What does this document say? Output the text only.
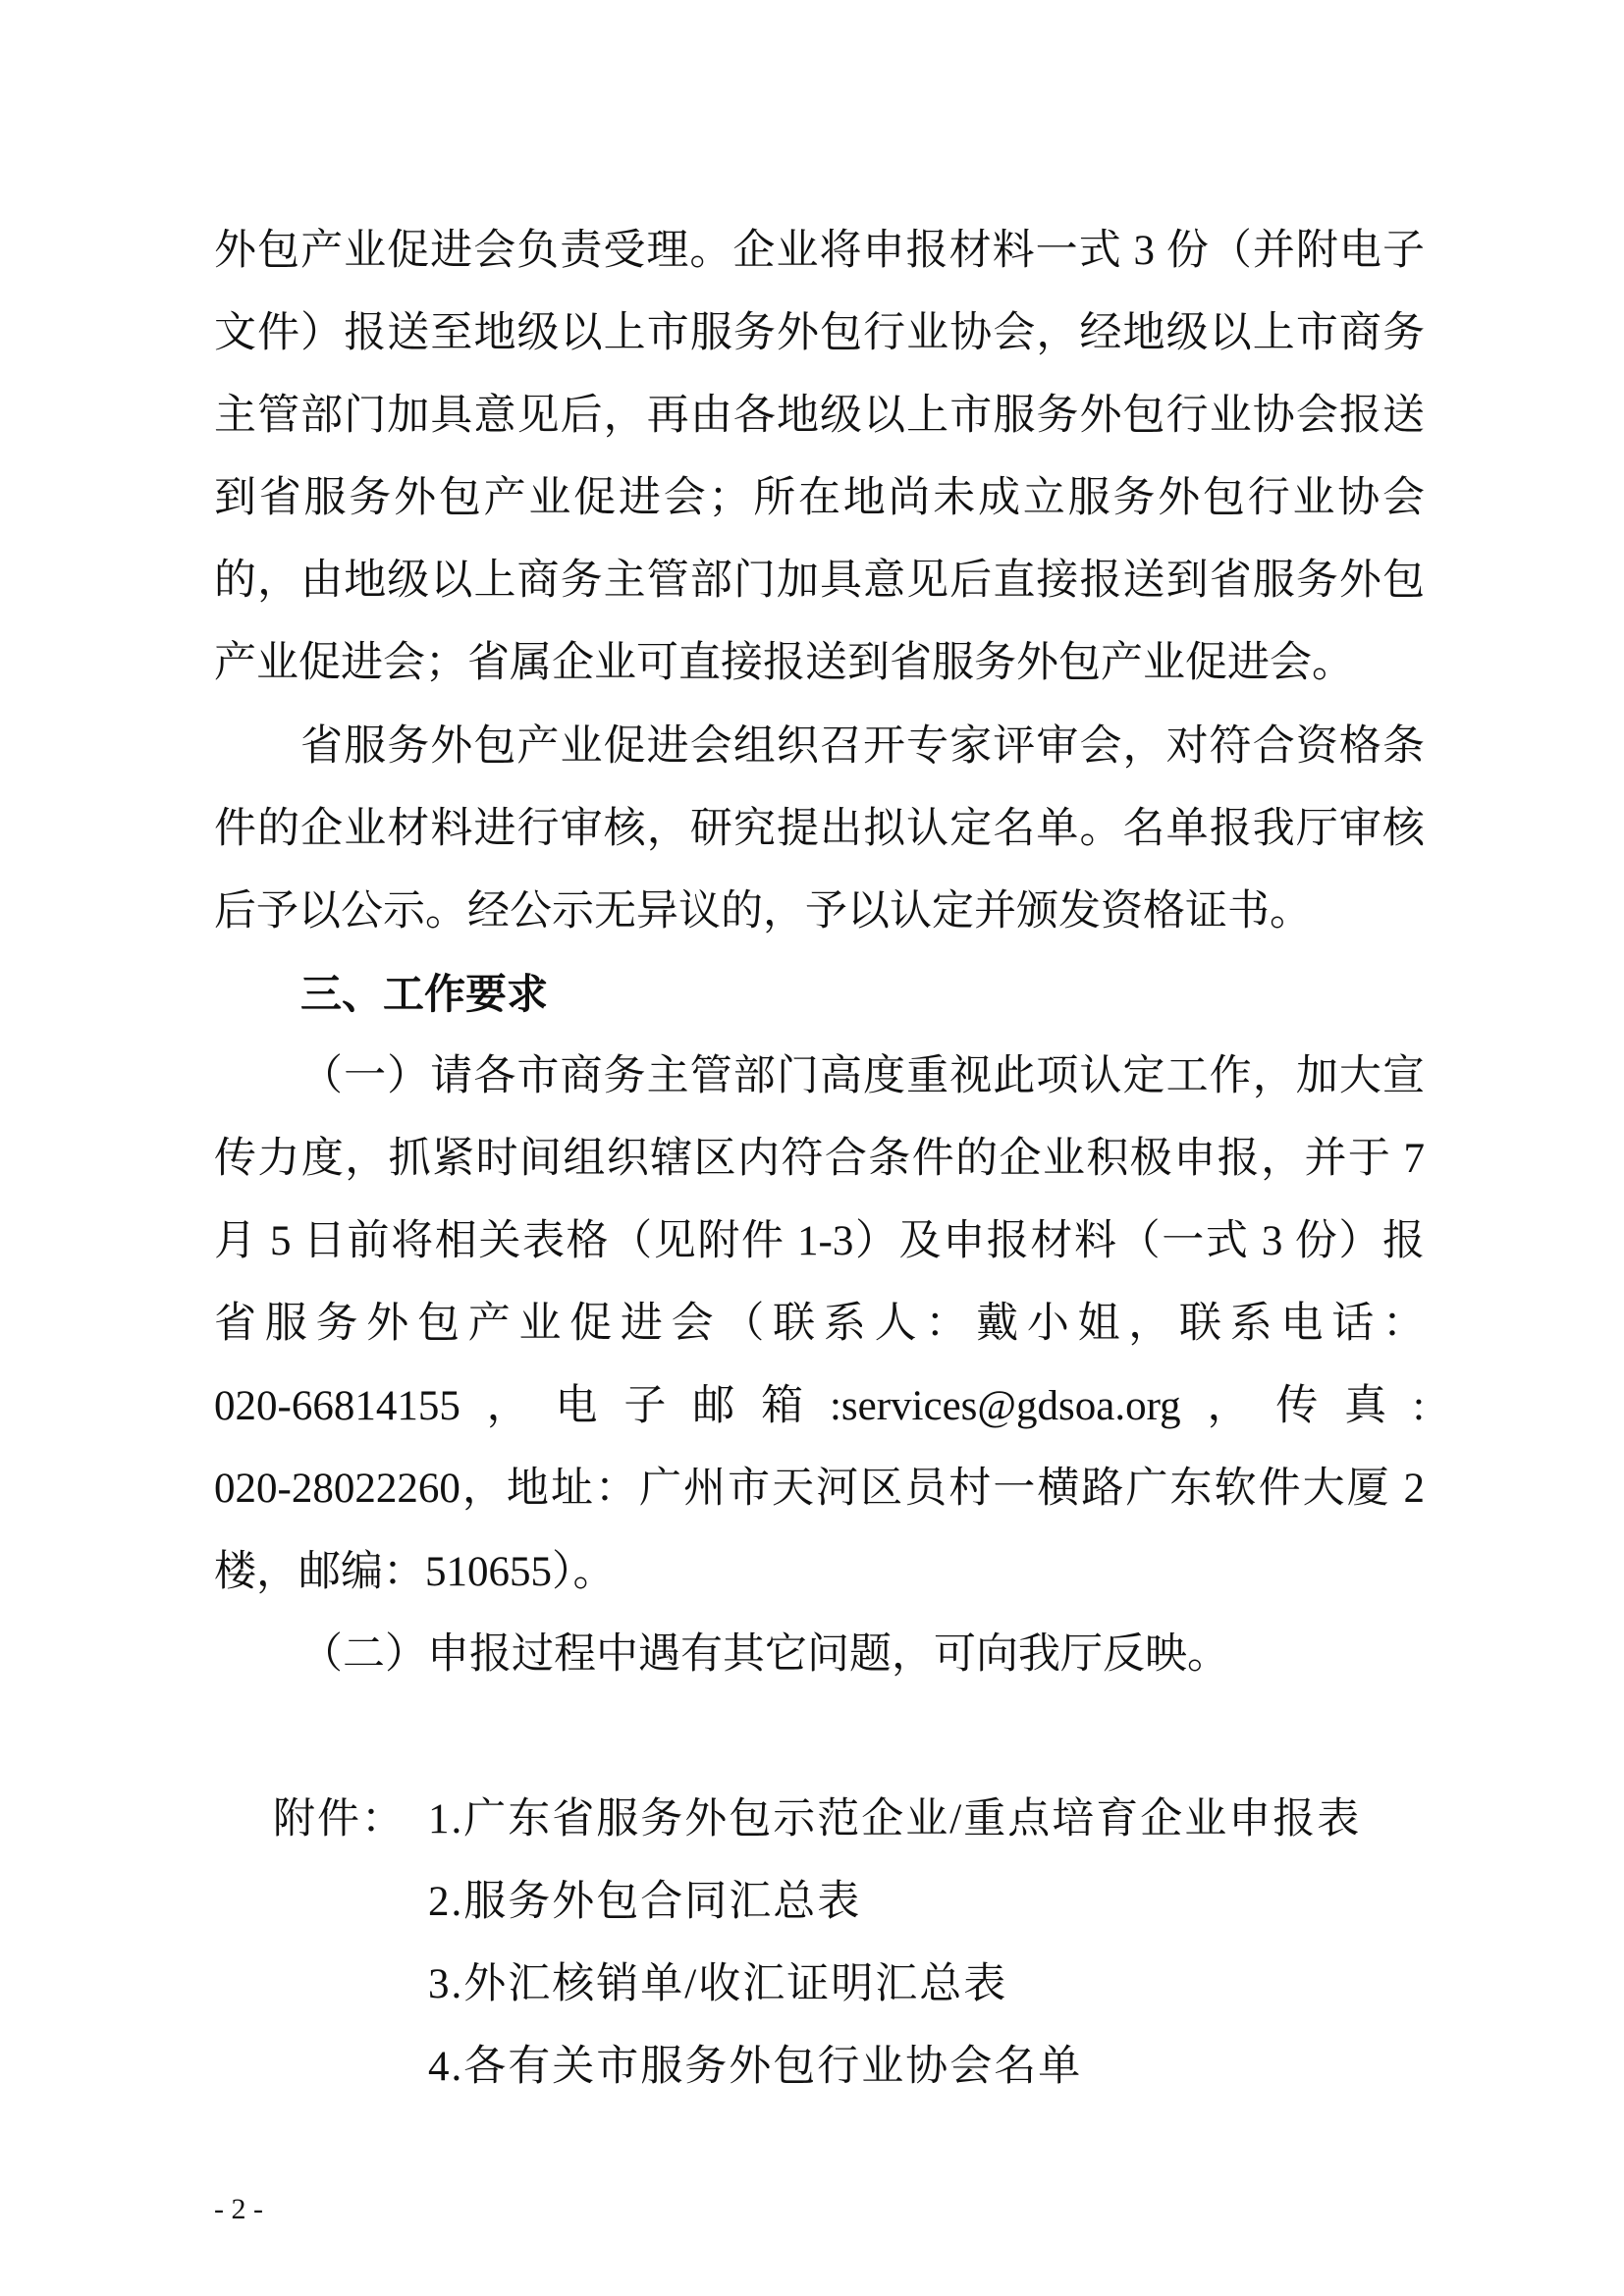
外包产业促进会负责受理。企业将申报材料一式 3 份（并附电子
文件）报送至地级以上市服务外包行业协会，经地级以上市商务
主管部门加具意见后，再由各地级以上市服务外包行业协会报送
到省服务外包产业促进会；所在地尚未成立服务外包行业协会
的，由地级以上商务主管部门加具意见后直接报送到省服务外包
产业促进会；省属企业可直接报送到省服务外包产业促进会。
省服务外包产业促进会组织召开专家评审会，对符合资格条
件的企业材料进行审核，研究提出拟认定名单。名单报我厅审核
后予以公示。经公示无异议的，予以认定并颁发资格证书。
三、工作要求
（一）请各市商务主管部门高度重视此项认定工作，加大宣
传力度，抓紧时间组织辖区内符合条件的企业积极申报，并于 7
月 5 日前将相关表格（见附件 1-3）及申报材料（一式 3 份）报
省服务外包产业促进会（联系人：戴小姐，联系电话：
020-66814155，电子邮箱:services@gdsoa.org，传真:
020-28022260，地址：广州市天河区员村一横路广东软件大厦 2
楼，邮编：510655）。
（二）申报过程中遇有其它问题，可向我厅反映。
附件： 1.广东省服务外包示范企业/重点培育企业申报表
2.服务外包合同汇总表
3.外汇核销单/收汇证明汇总表
4.各有关市服务外包行业协会名单
- 2 -
